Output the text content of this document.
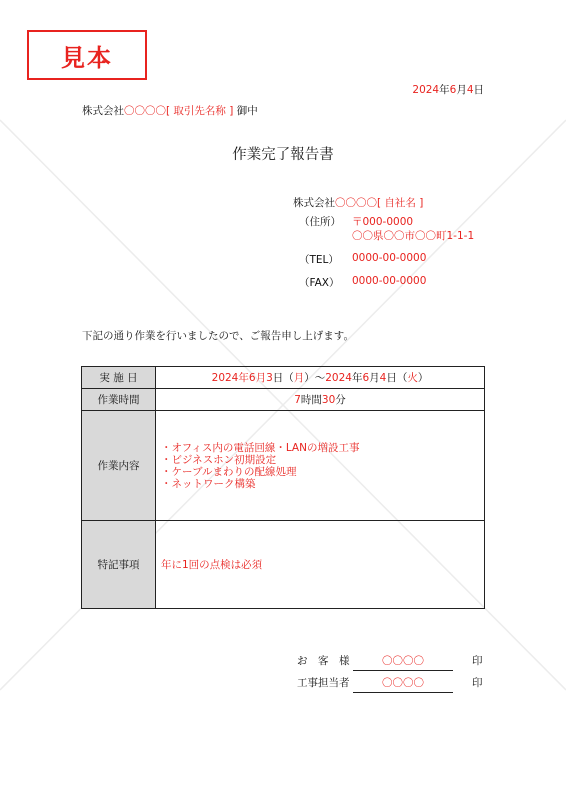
見本
2024年6月4日
株式会社〇〇〇〇[ 取引先名称 ] 御中
作業完了報告書
株式会社〇〇〇〇[ 自社名 ]
（住所） 〒000-0000
〇〇県〇〇市〇〇町1-1-1
（TEL） 0000-00-0000
（FAX） 0000-00-0000
下記の通り作業を行いましたので、ご報告申し上げます。
実 施 日	2024年6月3日（月）～2024年6月4日（火）
作業時間	7時間30分
作業内容	・オフィス内の電話回線・LANの増設工事
・ビジネスホン初期設定
・ケーブルまわりの配線処理
・ネットワーク構築

特記事項	年に1回の点検は必須
お　客　様	〇〇〇〇	印
工事担当者	〇〇〇〇	印
